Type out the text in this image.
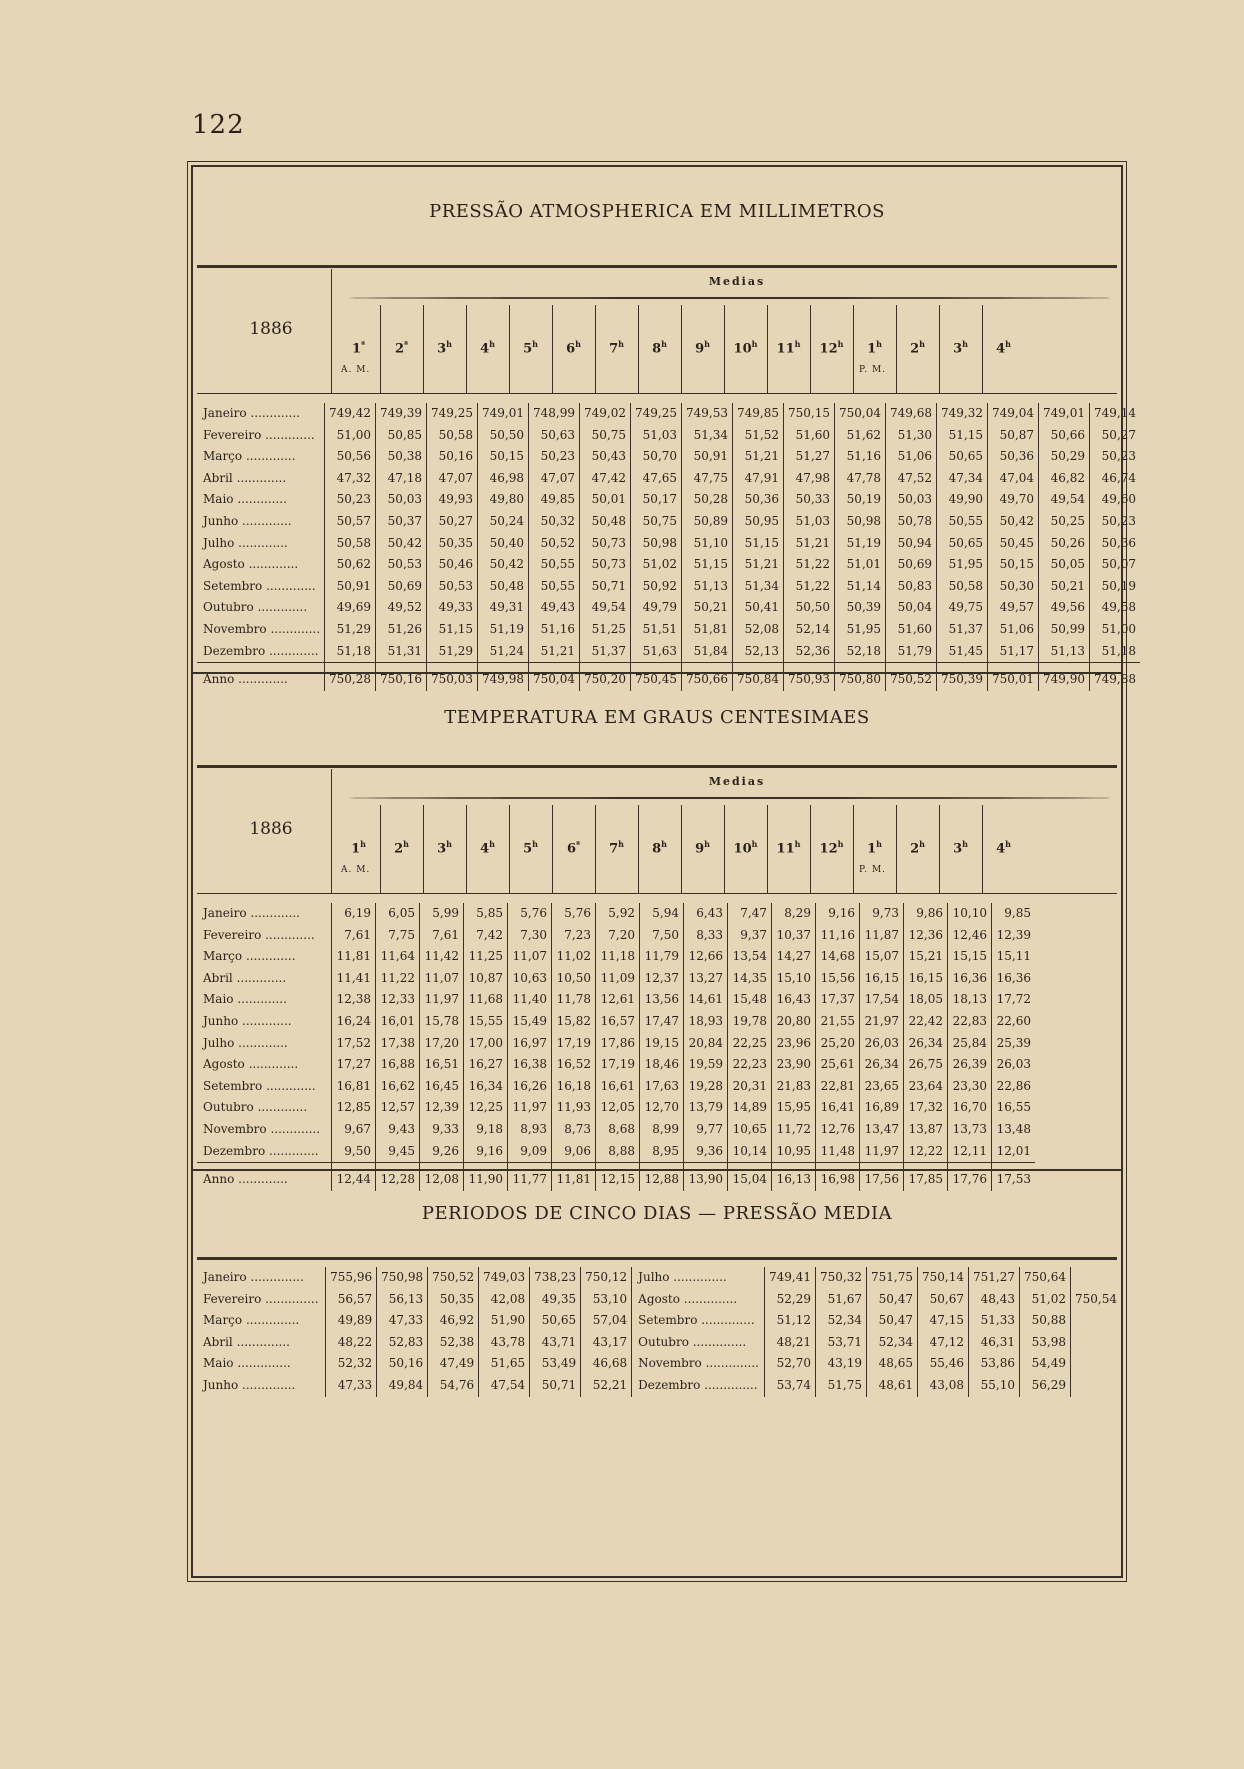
122
PRESSÃO ATMOSPHERICA EM MILLIMETROS
1886
Medias
$1^ª$	$2^ª$	3$^h$	4$^h$	5$^h$	6$^h$	7$^h$	8$^h$	9$^h$	10$^h$	11$^h$	12$^h$	1$^h$	2$^h$	3$^h$	4$^h$
A. M.	P. M.
Janeiro .............	749,42	749,39	749,25	749,01	748,99	749,02	749,25	749,53	749,85	750,15	750,04	749,68	749,32	749,04	749,01	749,14
Fevereiro .............	51,00	50,85	50,58	50,50	50,63	50,75	51,03	51,34	51,52	51,60	51,62	51,30	51,15	50,87	50,66	50,27
Março .............	50,56	50,38	50,16	50,15	50,23	50,43	50,70	50,91	51,21	51,27	51,16	51,06	50,65	50,36	50,29	50,23
Abril .............	47,32	47,18	47,07	46,98	47,07	47,42	47,65	47,75	47,91	47,98	47,78	47,52	47,34	47,04	46,82	46,74
Maio .............	50,23	50,03	49,93	49,80	49,85	50,01	50,17	50,28	50,36	50,33	50,19	50,03	49,90	49,70	49,54	49,60
Junho .............	50,57	50,37	50,27	50,24	50,32	50,48	50,75	50,89	50,95	51,03	50,98	50,78	50,55	50,42	50,25	50,23
Julho .............	50,58	50,42	50,35	50,40	50,52	50,73	50,98	51,10	51,15	51,21	51,19	50,94	50,65	50,45	50,26	50,36
Agosto .............	50,62	50,53	50,46	50,42	50,55	50,73	51,02	51,15	51,21	51,22	51,01	50,69	51,95	50,15	50,05	50,07
Setembro .............	50,91	50,69	50,53	50,48	50,55	50,71	50,92	51,13	51,34	51,22	51,14	50,83	50,58	50,30	50,21	50,19
Outubro .............	49,69	49,52	49,33	49,31	49,43	49,54	49,79	50,21	50,41	50,50	50,39	50,04	49,75	49,57	49,56	49,58
Novembro .............	51,29	51,26	51,15	51,19	51,16	51,25	51,51	51,81	52,08	52,14	51,95	51,60	51,37	51,06	50,99	51,00
Dezembro .............	51,18	51,31	51,29	51,24	51,21	51,37	51,63	51,84	52,13	52,36	52,18	51,79	51,45	51,17	51,13	51,18
Anno .............	750,28	750,16	750,03	749,98	750,04	750,20	750,45	750,66	750,84	750,93	750,80	750,52	750,39	750,01	749,90	749,88
TEMPERATURA EM GRAUS CENTESIMAES
1886
Medias
1$^h$	2$^h$	3$^h$	4$^h$	5$^h$	$6^ª$	7$^h$	8$^h$	9$^h$	10$^h$	11$^h$	12$^h$	1$^h$	2$^h$	3$^h$	4$^h$
A. M.	P. M.
Janeiro .............	6,19	6,05	5,99	5,85	5,76	5,76	5,92	5,94	6,43	7,47	8,29	9,16	9,73	9,86	10,10	9,85
Fevereiro .............	7,61	7,75	7,61	7,42	7,30	7,23	7,20	7,50	8,33	9,37	10,37	11,16	11,87	12,36	12,46	12,39
Março .............	11,81	11,64	11,42	11,25	11,07	11,02	11,18	11,79	12,66	13,54	14,27	14,68	15,07	15,21	15,15	15,11
Abril .............	11,41	11,22	11,07	10,87	10,63	10,50	11,09	12,37	13,27	14,35	15,10	15,56	16,15	16,15	16,36	16,36
Maio .............	12,38	12,33	11,97	11,68	11,40	11,78	12,61	13,56	14,61	15,48	16,43	17,37	17,54	18,05	18,13	17,72
Junho .............	16,24	16,01	15,78	15,55	15,49	15,82	16,57	17,47	18,93	19,78	20,80	21,55	21,97	22,42	22,83	22,60
Julho .............	17,52	17,38	17,20	17,00	16,97	17,19	17,86	19,15	20,84	22,25	23,96	25,20	26,03	26,34	25,84	25,39
Agosto .............	17,27	16,88	16,51	16,27	16,38	16,52	17,19	18,46	19,59	22,23	23,90	25,61	26,34	26,75	26,39	26,03
Setembro .............	16,81	16,62	16,45	16,34	16,26	16,18	16,61	17,63	19,28	20,31	21,83	22,81	23,65	23,64	23,30	22,86
Outubro .............	12,85	12,57	12,39	12,25	11,97	11,93	12,05	12,70	13,79	14,89	15,95	16,41	16,89	17,32	16,70	16,55
Novembro .............	9,67	9,43	9,33	9,18	8,93	8,73	8,68	8,99	9,77	10,65	11,72	12,76	13,47	13,87	13,73	13,48
Dezembro .............	9,50	9,45	9,26	9,16	9,09	9,06	8,88	8,95	9,36	10,14	10,95	11,48	11,97	12,22	12,11	12,01
Anno .............	12,44	12,28	12,08	11,90	11,77	11,81	12,15	12,88	13,90	15,04	16,13	16,98	17,56	17,85	17,76	17,53
PERIODOS DE CINCO DIAS — PRESSÃO MEDIA
Janeiro ..............	755,96	750,98	750,52	749,03	738,23	750,12	Julho ..............	749,41	750,32	751,75	750,14	751,27	750,64	
Fevereiro ..............	56,57	56,13	50,35	42,08	49,35	53,10	Agosto ..............	52,29	51,67	50,47	50,67	48,43	51,02	750,54
Março ..............	49,89	47,33	46,92	51,90	50,65	57,04	Setembro ..............	51,12	52,34	50,47	47,15	51,33	50,88	
Abril ..............	48,22	52,83	52,38	43,78	43,71	43,17	Outubro ..............	48,21	53,71	52,34	47,12	46,31	53,98	
Maio ..............	52,32	50,16	47,49	51,65	53,49	46,68	Novembro ..............	52,70	43,19	48,65	55,46	53,86	54,49	
Junho ..............	47,33	49,84	54,76	47,54	50,71	52,21	Dezembro ..............	53,74	51,75	48,61	43,08	55,10	56,29	
